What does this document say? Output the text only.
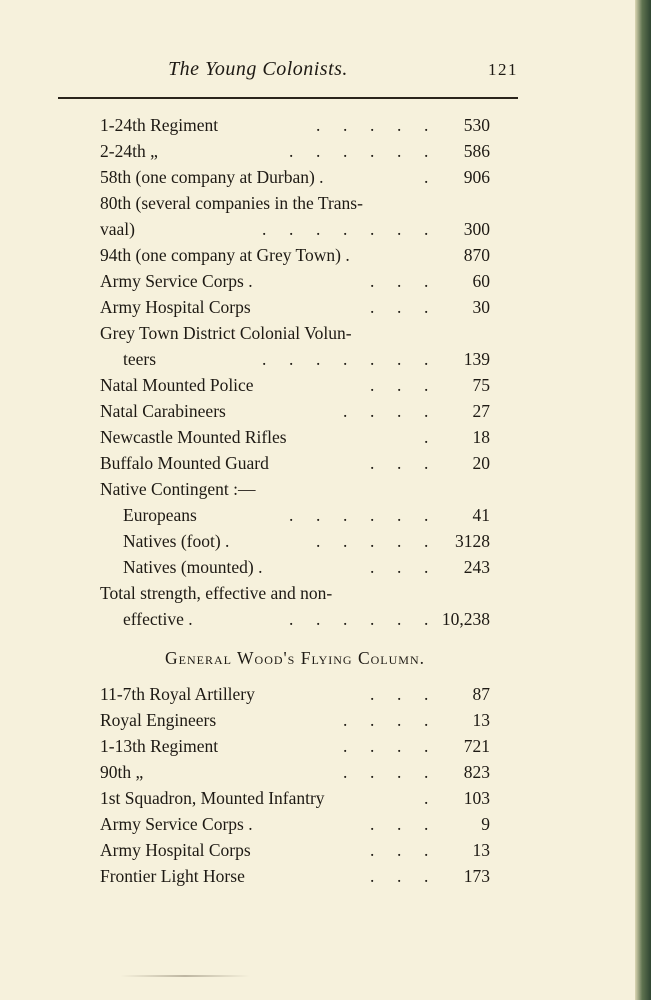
The Young Colonists.	121
1-24th Regiment	. . . . .	530
2-24th „	. . . . . .	586
58th (one company at Durban) .	.	906
80th (several companies in the Trans-
vaal)	. . . . . . .	300
94th (one company at Grey Town) .	870
Army Service Corps .	. . .	60
Army Hospital Corps	. . .	30
Grey Town District Colonial Volun-
teers	. . . . . . .	139
Natal Mounted Police	. . .	75
Natal Carabineers	. . . .	27
Newcastle Mounted Rifles	.	18
Buffalo Mounted Guard	. . .	20
Native Contingent :—
Europeans	. . . . . .	41
Natives (foot) .	. . . . .	3128
Natives (mounted) .	. . .	243
Total strength, effective and non-
effective .	. . . . . . 10,238
General Wood's Flying Column.
11-7th Royal Artillery	. . .	87
Royal Engineers	. . . .	13
1-13th Regiment	. . . .	721
90th „	. . . .	823
1st Squadron, Mounted Infantry	.	103
Army Service Corps .	. . .	9
Army Hospital Corps	. . .	13
Frontier Light Horse	. . .	173
